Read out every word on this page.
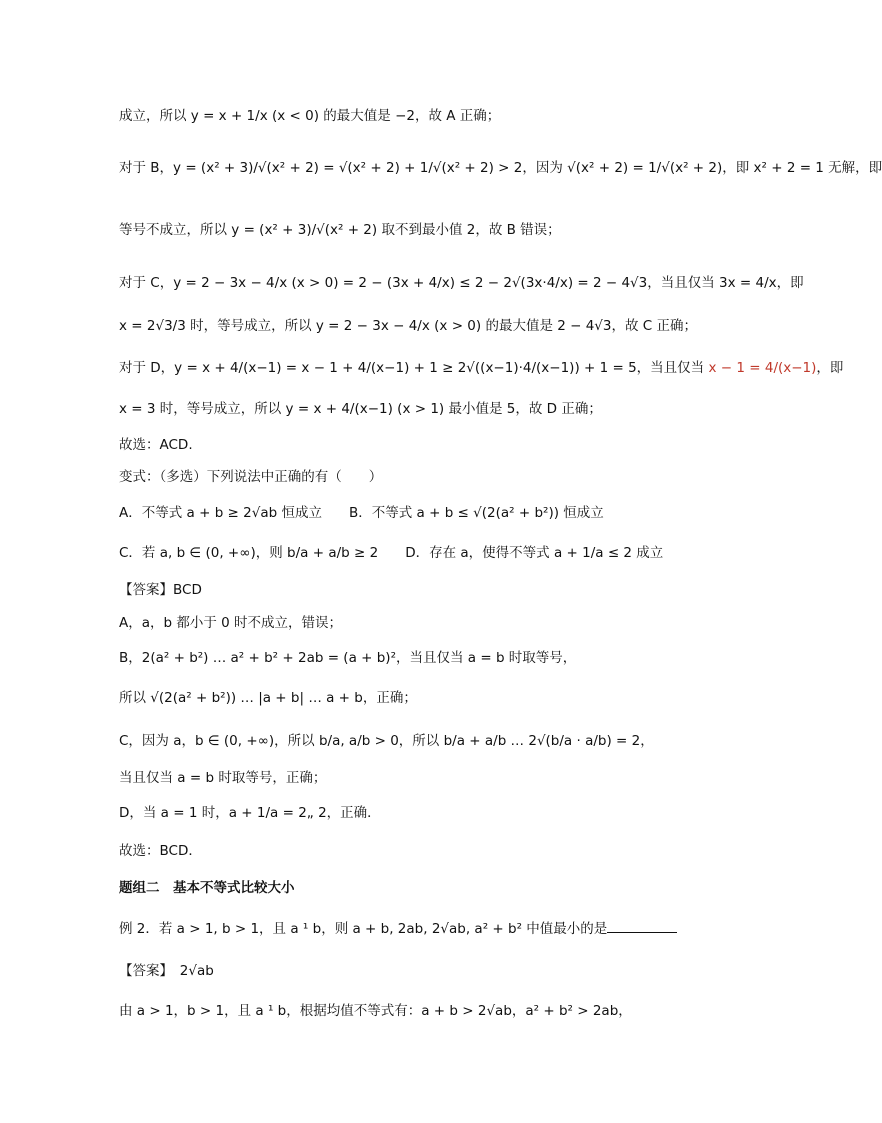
成立，所以 y = x + 1/x (x < 0) 的最大值是 −2，故 A 正确；
对于 B，y = (x² + 3)/√(x² + 2) = √(x² + 2) + 1/√(x² + 2) > 2，因为 √(x² + 2) = 1/√(x² + 2)，即 x² + 2 = 1 无解，即
等号不成立，所以 y = (x² + 3)/√(x² + 2) 取不到最小值 2，故 B 错误；
对于 C，y = 2 − 3x − 4/x (x > 0) = 2 − (3x + 4/x) ≤ 2 − 2√(3x·4/x) = 2 − 4√3，当且仅当 3x = 4/x，即
x = 2√3/3 时，等号成立，所以 y = 2 − 3x − 4/x (x > 0) 的最大值是 2 − 4√3，故 C 正确；
对于 D，y = x + 4/(x−1) = x − 1 + 4/(x−1) + 1 ≥ 2√((x−1)·4/(x−1)) + 1 = 5，当且仅当 x − 1 = 4/(x−1)，即
x = 3 时，等号成立，所以 y = x + 4/(x−1) (x > 1) 最小值是 5，故 D 正确；
故选：ACD.
变式：（多选）下列说法中正确的有（　　）
A．不等式 a + b ≥ 2√ab 恒成立　　B．不等式 a + b ≤ √(2(a² + b²)) 恒成立
C．若 a, b ∈ (0, +∞)，则 b/a + a/b ≥ 2　　D．存在 a，使得不等式 a + 1/a ≤ 2 成立
【答案】BCD
A，a，b 都小于 0 时不成立，错误；
B，2(a² + b²) … a² + b² + 2ab = (a + b)²，当且仅当 a = b 时取等号，
所以 √(2(a² + b²)) … |a + b| … a + b，正确；
C，因为 a，b ∈ (0, +∞)，所以 b/a, a/b > 0，所以 b/a + a/b … 2√(b/a · a/b) = 2，
当且仅当 a = b 时取等号，正确；
D，当 a = 1 时，a + 1/a = 2„ 2，正确．
故选：BCD．
题组二　基本不等式比较大小
例 2．若 a > 1, b > 1，且 a ¹ b，则 a + b, 2ab, 2√ab, a² + b² 中值最小的是
【答案】　2√ab
由 a > 1，b > 1，且 a ¹ b，根据均值不等式有：a + b > 2√ab，a² + b² > 2ab，
